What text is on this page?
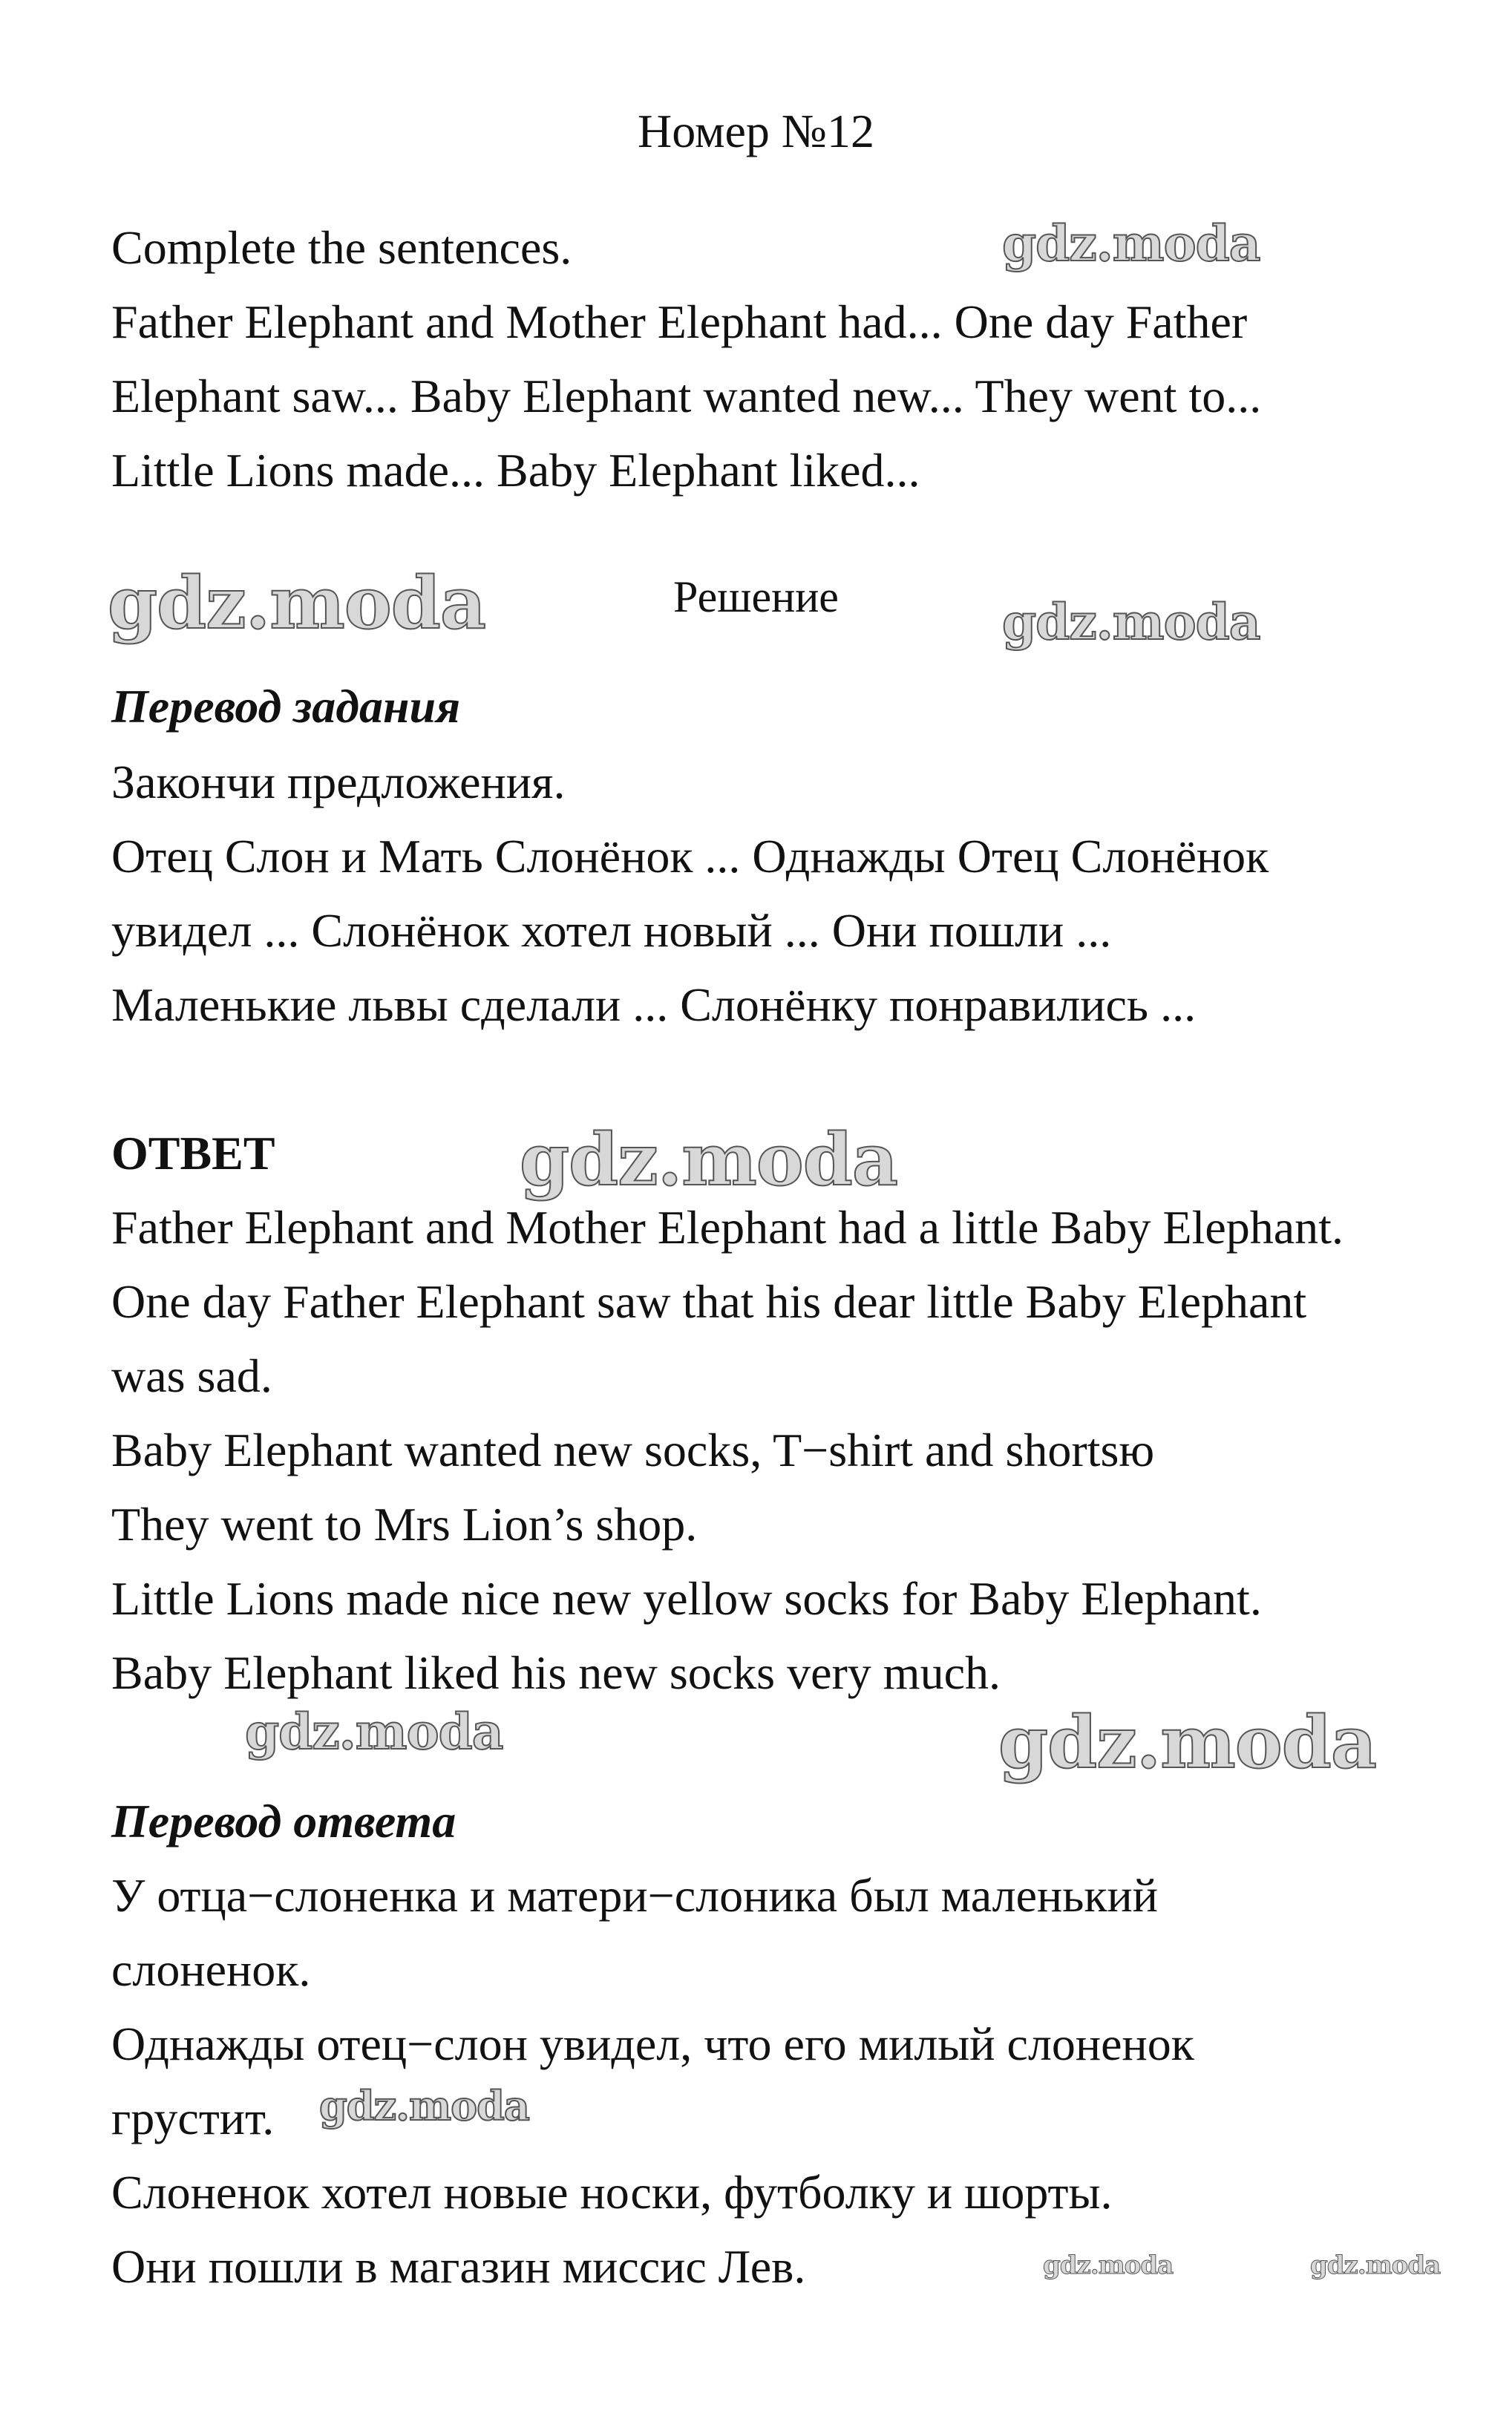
Номер №12
Complete the sentences.
Father Elephant and Mother Elephant had... One day Father
Elephant saw... Baby Elephant wanted new... They went to...
Little Lions made... Baby Elephant liked...
Решение
Перевод задания
Закончи предложения.
Отец Слон и Мать Слонёнок ... Однажды Отец Слонёнок
увидел ... Слонёнок хотел новый ... Они пошли ...
Маленькие львы сделали ... Слонёнку понравились ...
ОТВЕТ
Father Elephant and Mother Elephant had a little Baby Elephant.
One day Father Elephant saw that his dear little Baby Elephant
was sad.
Baby Elephant wanted new socks, T−shirt and shortsю
They went to Mrs Lion’s shop.
Little Lions made nice new yellow socks for Baby Elephant.
Baby Elephant liked his new socks very much.
Перевод ответа
У отца−слоненка и матери−слоника был маленький
слоненок.
Однажды отец−слон увидел, что его милый слоненок
грустит.
Слоненок хотел новые носки, футболку и шорты.
Они пошли в магазин миссис Лев.
gdz.moda
gdz.moda	gdz.moda
gdz.moda
gdz.moda	gdz.moda
gdz.moda
gdz.moda	gdz.moda
